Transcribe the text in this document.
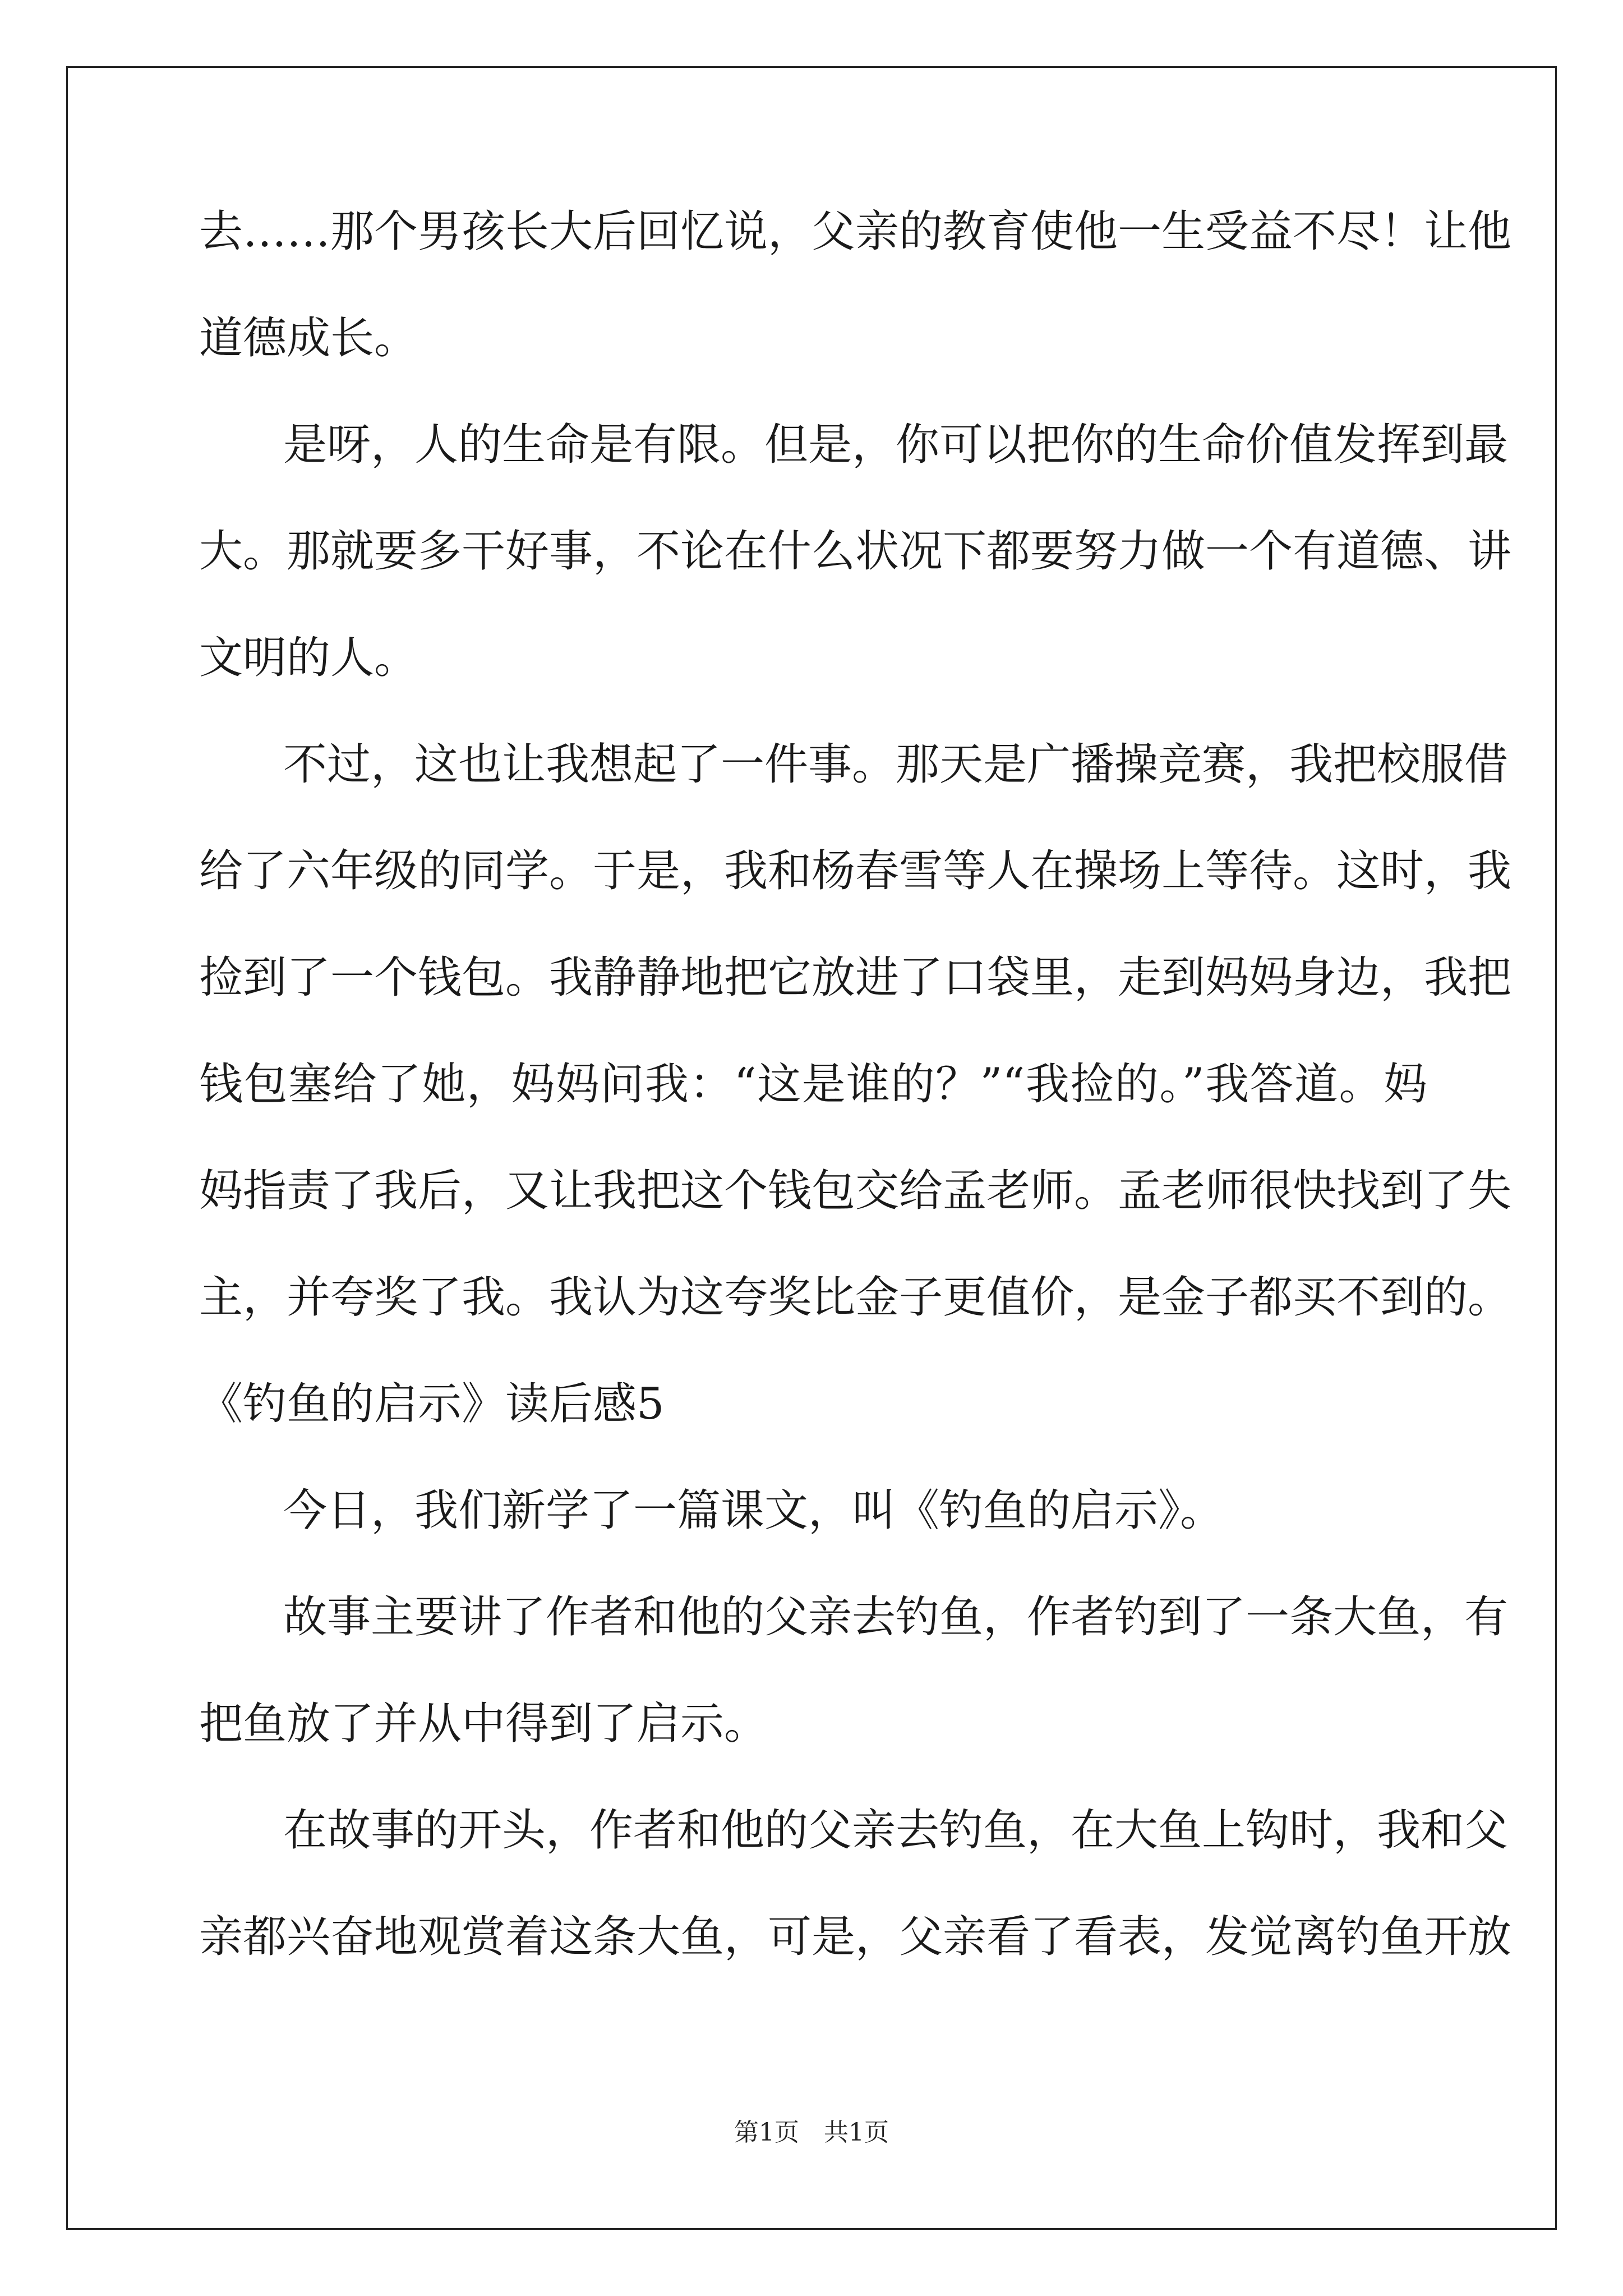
去……那个男孩长大后回忆说，父亲的教育使他一生受益不尽！让他
道德成长。
是呀，人的生命是有限。但是，你可以把你的生命价值发挥到最
大。那就要多干好事，不论在什么状况下都要努力做一个有道德、讲
文明的人。
不过，这也让我想起了一件事。那天是广播操竞赛，我把校服借
给了六年级的同学。于是，我和杨春雪等人在操场上等待。这时，我
捡到了一个钱包。我静静地把它放进了口袋里，走到妈妈身边，我把
钱包塞给了她，妈妈问我：“这是谁的？”“我捡的。”我答道。妈
妈指责了我后，又让我把这个钱包交给孟老师。孟老师很快找到了失
主，并夸奖了我。我认为这夸奖比金子更值价，是金子都买不到的。
《钓鱼的启示》读后感5
今日，我们新学了一篇课文，叫《钓鱼的启示》。
故事主要讲了作者和他的父亲去钓鱼，作者钓到了一条大鱼，有
把鱼放了并从中得到了启示。
在故事的开头，作者和他的父亲去钓鱼，在大鱼上钩时，我和父
亲都兴奋地观赏着这条大鱼，可是，父亲看了看表，发觉离钓鱼开放
第1页　共1页
